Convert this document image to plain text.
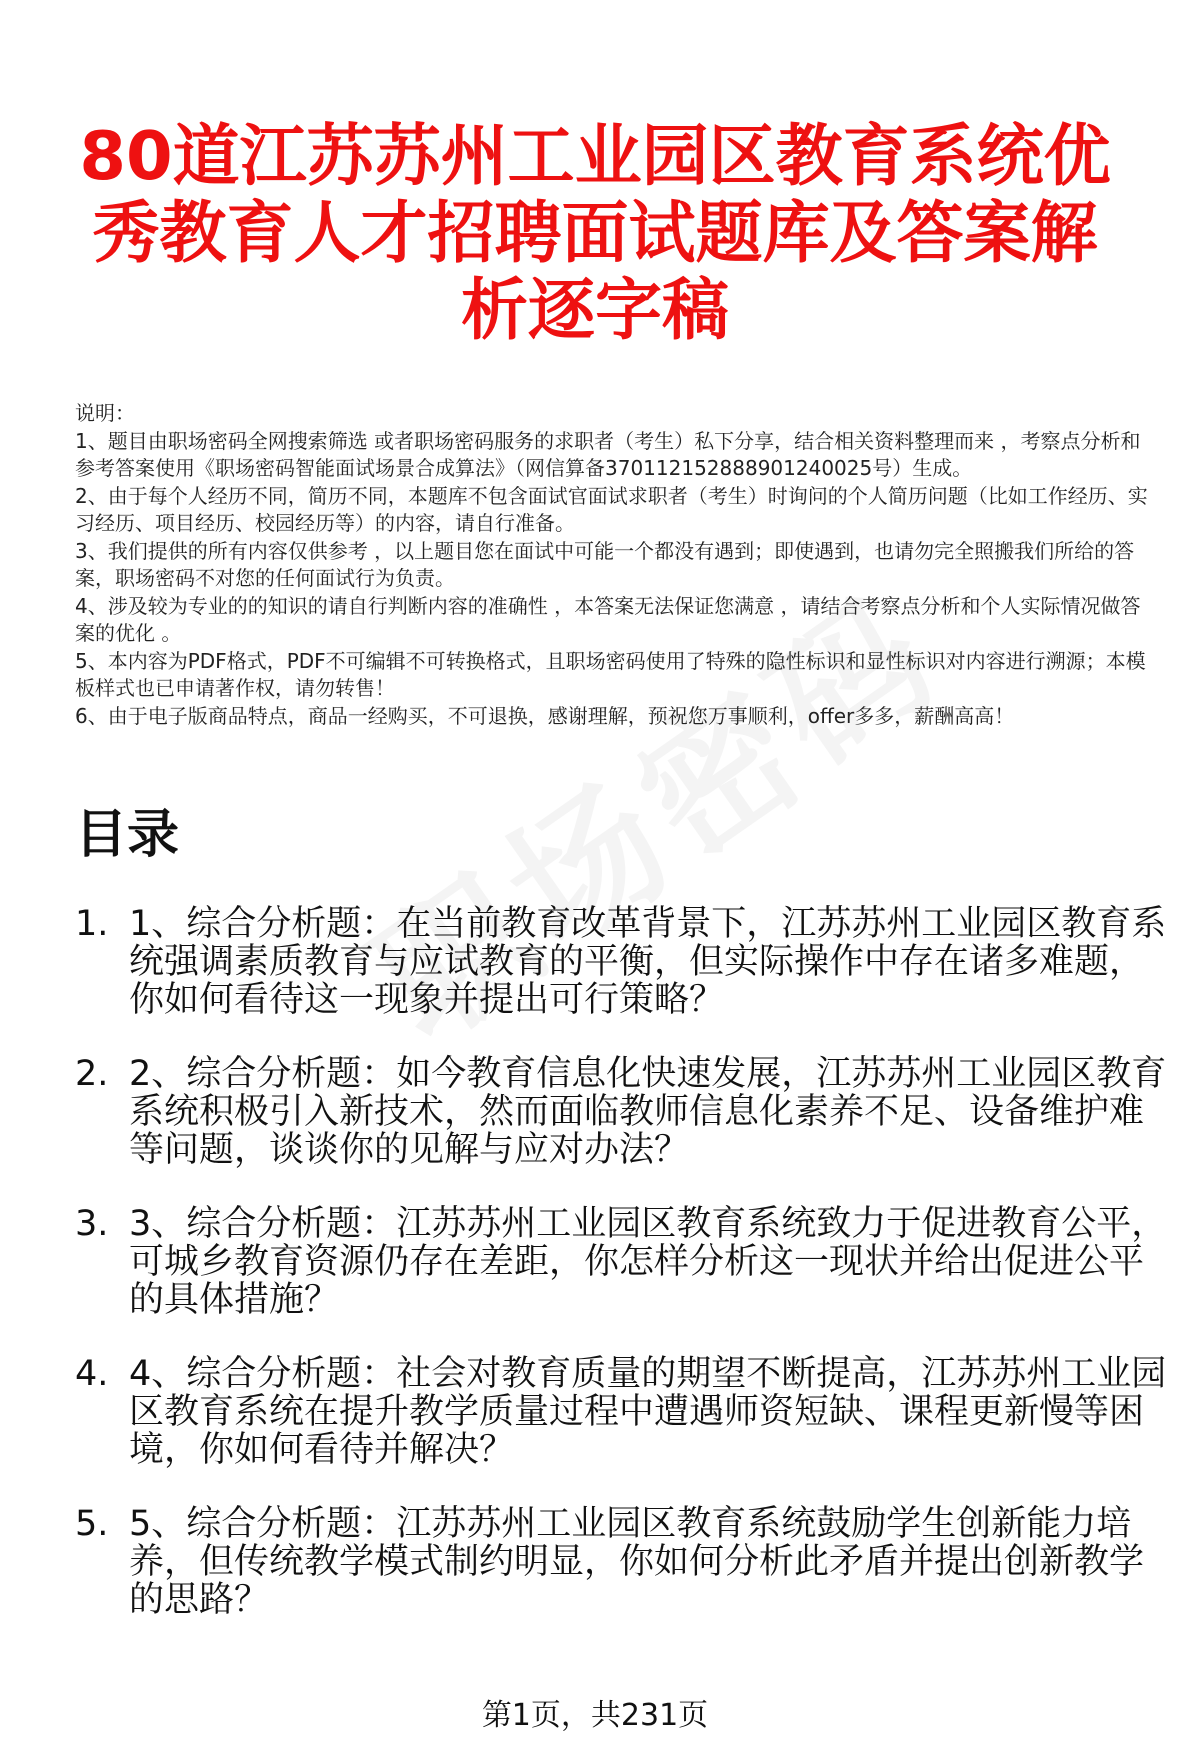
80道江苏苏州工业园区教育系统优秀教育人才招聘面试题库及答案解析逐字稿

说明：

1、题目由职场密码全网搜索筛选 或者职场密码服务的求职者（考生）私下分享，结合相关资料整理而来 ，考察点分析和参考答案使用《职场密码智能面试场景合成算法》（网信算备370112152888901240025号）生成。

2、由于每个人经历不同，简历不同，本题库不包含面试官面试求职者（考生）时询问的个人简历问题（比如工作经历、实习经历、项目经历、校园经历等）的内容，请自行准备。

3、我们提供的所有内容仅供参考 ，以上题目您在面试中可能一个都没有遇到；即使遇到，也请勿完全照搬我们所给的答案，职场密码不对您的任何面试行为负责。

4、涉及较为专业的的知识的请自行判断内容的准确性 ，本答案无法保证您满意 ，请结合考察点分析和个人实际情况做答案的优化 。

5、本内容为PDF格式，PDF不可编辑不可转换格式，且职场密码使用了特殊的隐性标识和显性标识对内容进行溯源；本模板样式也已申请著作权，请勿转售！

6、由于电子版商品特点，商品一经购买，不可退换，感谢理解，预祝您万事顺利，offer多多，薪酬高高！

目录
1. 1、综合分析题：在当前教育改革背景下，江苏苏州工业园区教育系统强调素质教育与应试教育的平衡，但实际操作中存在诸多难题，你如何看待这一现象并提出可行策略？
2. 2、综合分析题：如今教育信息化快速发展，江苏苏州工业园区教育系统积极引入新技术，然而面临教师信息化素养不足、设备维护难等问题，谈谈你的见解与应对办法？
3. 3、综合分析题：江苏苏州工业园区教育系统致力于促进教育公平，可城乡教育资源仍存在差距，你怎样分析这一现状并给出促进公平的具体措施？
4. 4、综合分析题：社会对教育质量的期望不断提高，江苏苏州工业园区教育系统在提升教学质量过程中遭遇师资短缺、课程更新慢等困境，你如何看待并解决？
5. 5、综合分析题：江苏苏州工业园区教育系统鼓励学生创新能力培养，但传统教学模式制约明显，你如何分析此矛盾并提出创新教学的思路？
第1页，共231页
